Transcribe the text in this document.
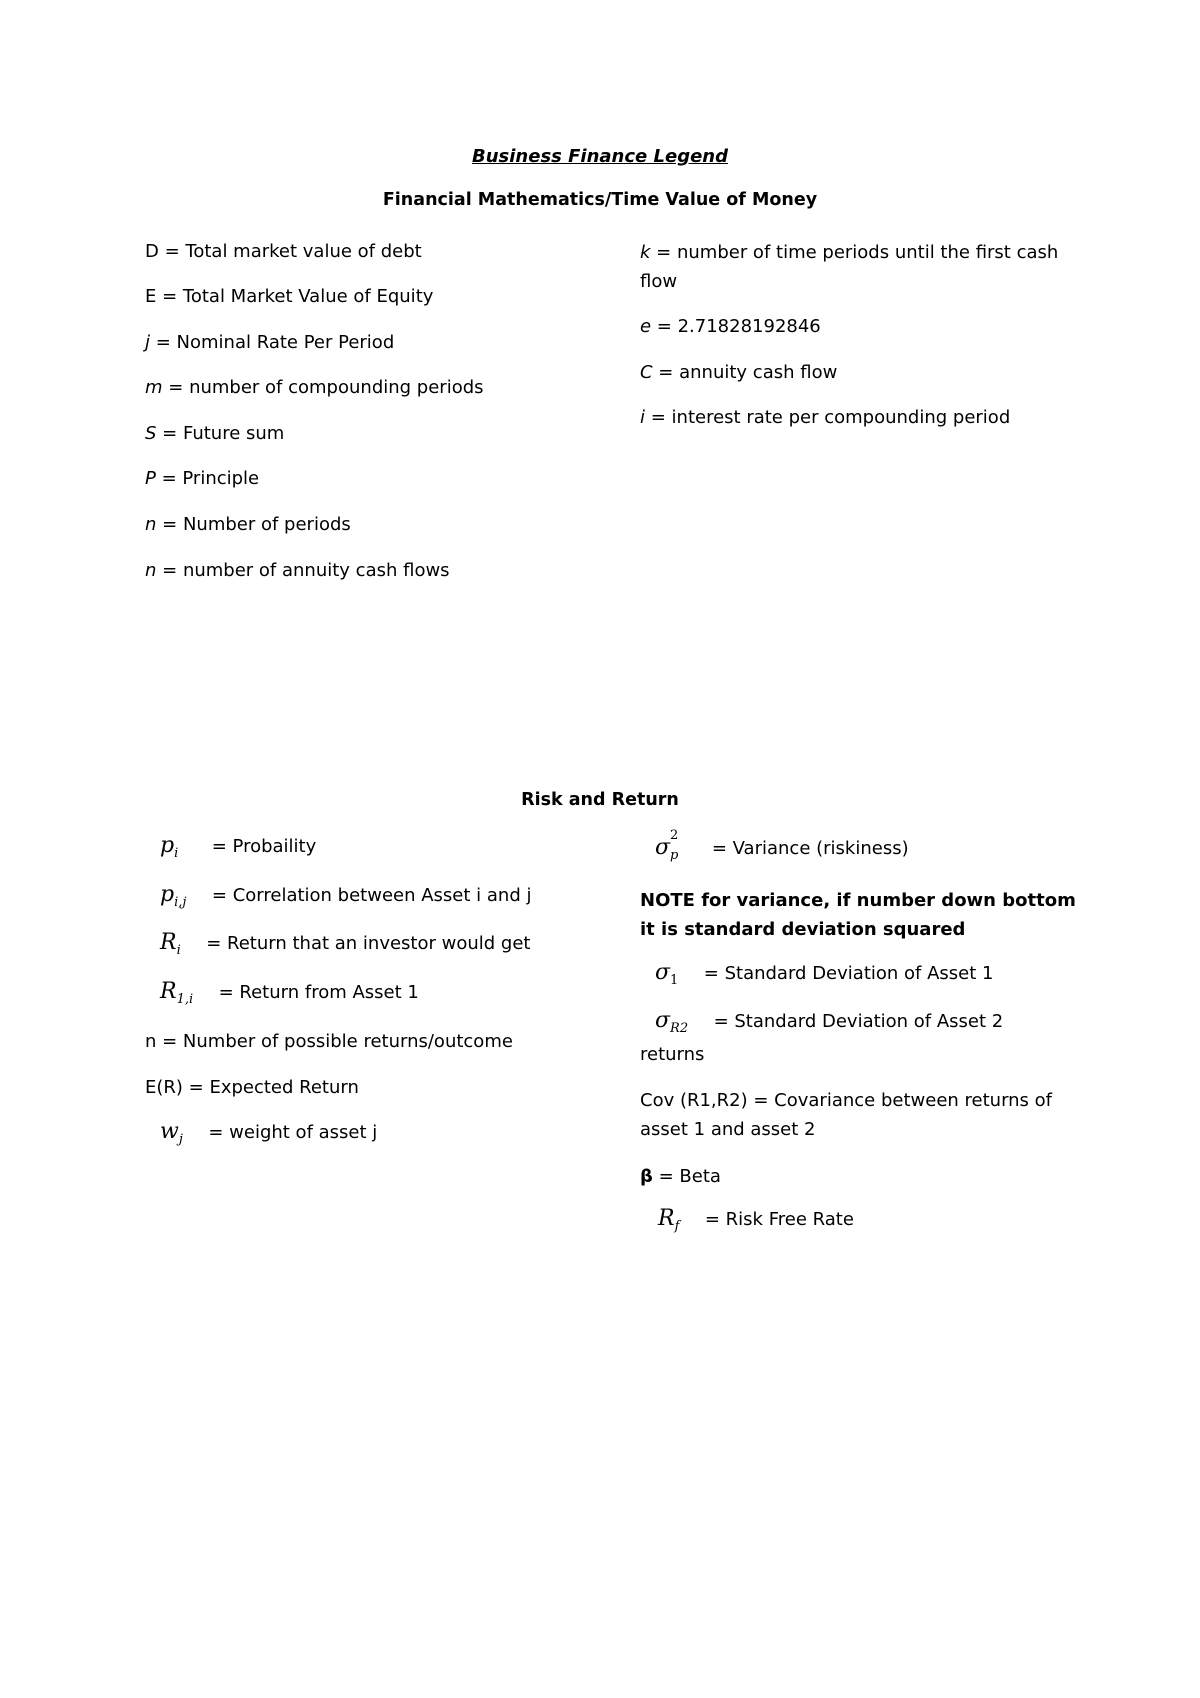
Business Finance Legend
Financial Mathematics/Time Value of Money
D = Total market value of debt
E = Total Market Value of Equity
j = Nominal Rate Per Period
m = number of compounding periods
S = Future sum
P = Principle
n = Number of periods
n = number of annuity cash flows
k = number of time periods until the first cash flow
e = 2.71828192846
C = annuity cash flow
i = interest rate per compounding period
Risk and Return
$p_i$ = Probaility
$p_{i,j}$ = Correlation between Asset i and j
$R_i$ = Return that an investor would get
$R_{1,i}$ = Return from Asset 1
n = Number of possible returns/outcome
E(R) = Expected Return
$w_j$ = weight of asset j
σ 2
$_p$ = Variance (riskiness)
NOTE for variance, if number down bottom it is standard deviation squared
$\sigma_1$ = Standard Deviation of Asset 1
$\sigma_{R2}$ = Standard Deviation of Asset 2
returns
Cov (R1,R2) = Covariance between returns of asset 1 and asset 2
β = Beta
$R_f$ = Risk Free Rate
